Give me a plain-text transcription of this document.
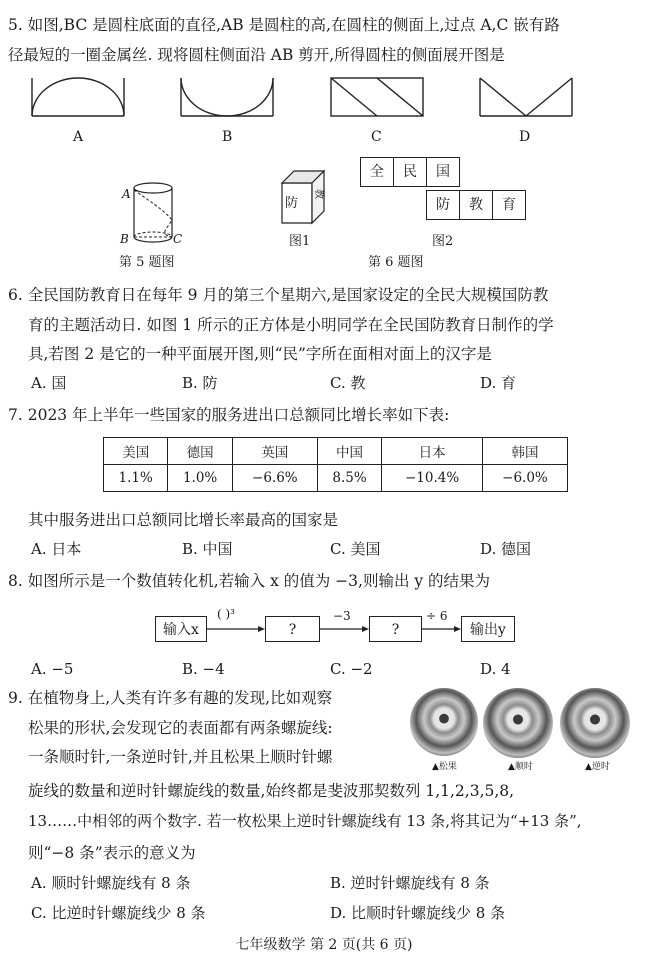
5. 如图,BC 是圆柱底面的直径,AB 是圆柱的高,在圆柱的侧面上,过点 A,C 嵌有路
径最短的一圈金属丝. 现将圆柱侧面沿 AB 剪开,所得圆柱的侧面展开图是
A	B	C	D
A
B	C
第 5 题图
防
教
图1
全	民	国
防	教	育
图2
第 6 题图
6. 全民国防教育日在每年 9 月的第三个星期六,是国家设定的全民大规模国防教
育的主题活动日. 如图 1 所示的正方体是小明同学在全民国防教育日制作的学
具,若图 2 是它的一种平面展开图,则“民”字所在面相对面上的汉字是
A. 国	B. 防	C. 教	D. 育
7. 2023 年上半年一些国家的服务进出口总额同比增长率如下表:
美国	德国	英国	中国	日本	韩国
1.1%	1.0%	−6.6%	8.5%	−10.4%	−6.0%
其中服务进出口总额同比增长率最高的国家是
A. 日本	B. 中国	C. 美国	D. 德国
8. 如图所示是一个数值转化机,若输入 x 的值为 −3,则输出 y 的结果为
输入x	?	?	输出y
( )³	−3	÷ 6
A. −5	B. −4	C. −2	D. 4
9. 在植物身上,人类有许多有趣的发现,比如观察
松果的形状,会发现它的表面都有两条螺旋线:
一条顺时针,一条逆时针,并且松果上顺时针螺
▲松果	▲顺时	▲逆时
旋线的数量和逆时针螺旋线的数量,始终都是斐波那契数列 1,1,2,3,5,8,
13……中相邻的两个数字. 若一枚松果上逆时针螺旋线有 13 条,将其记为“+13 条”,
则“−8 条”表示的意义为
A. 顺时针螺旋线有 8 条	B. 逆时针螺旋线有 8 条
C. 比逆时针螺旋线少 8 条	D. 比顺时针螺旋线少 8 条
七年级数学 第 2 页(共 6 页)
